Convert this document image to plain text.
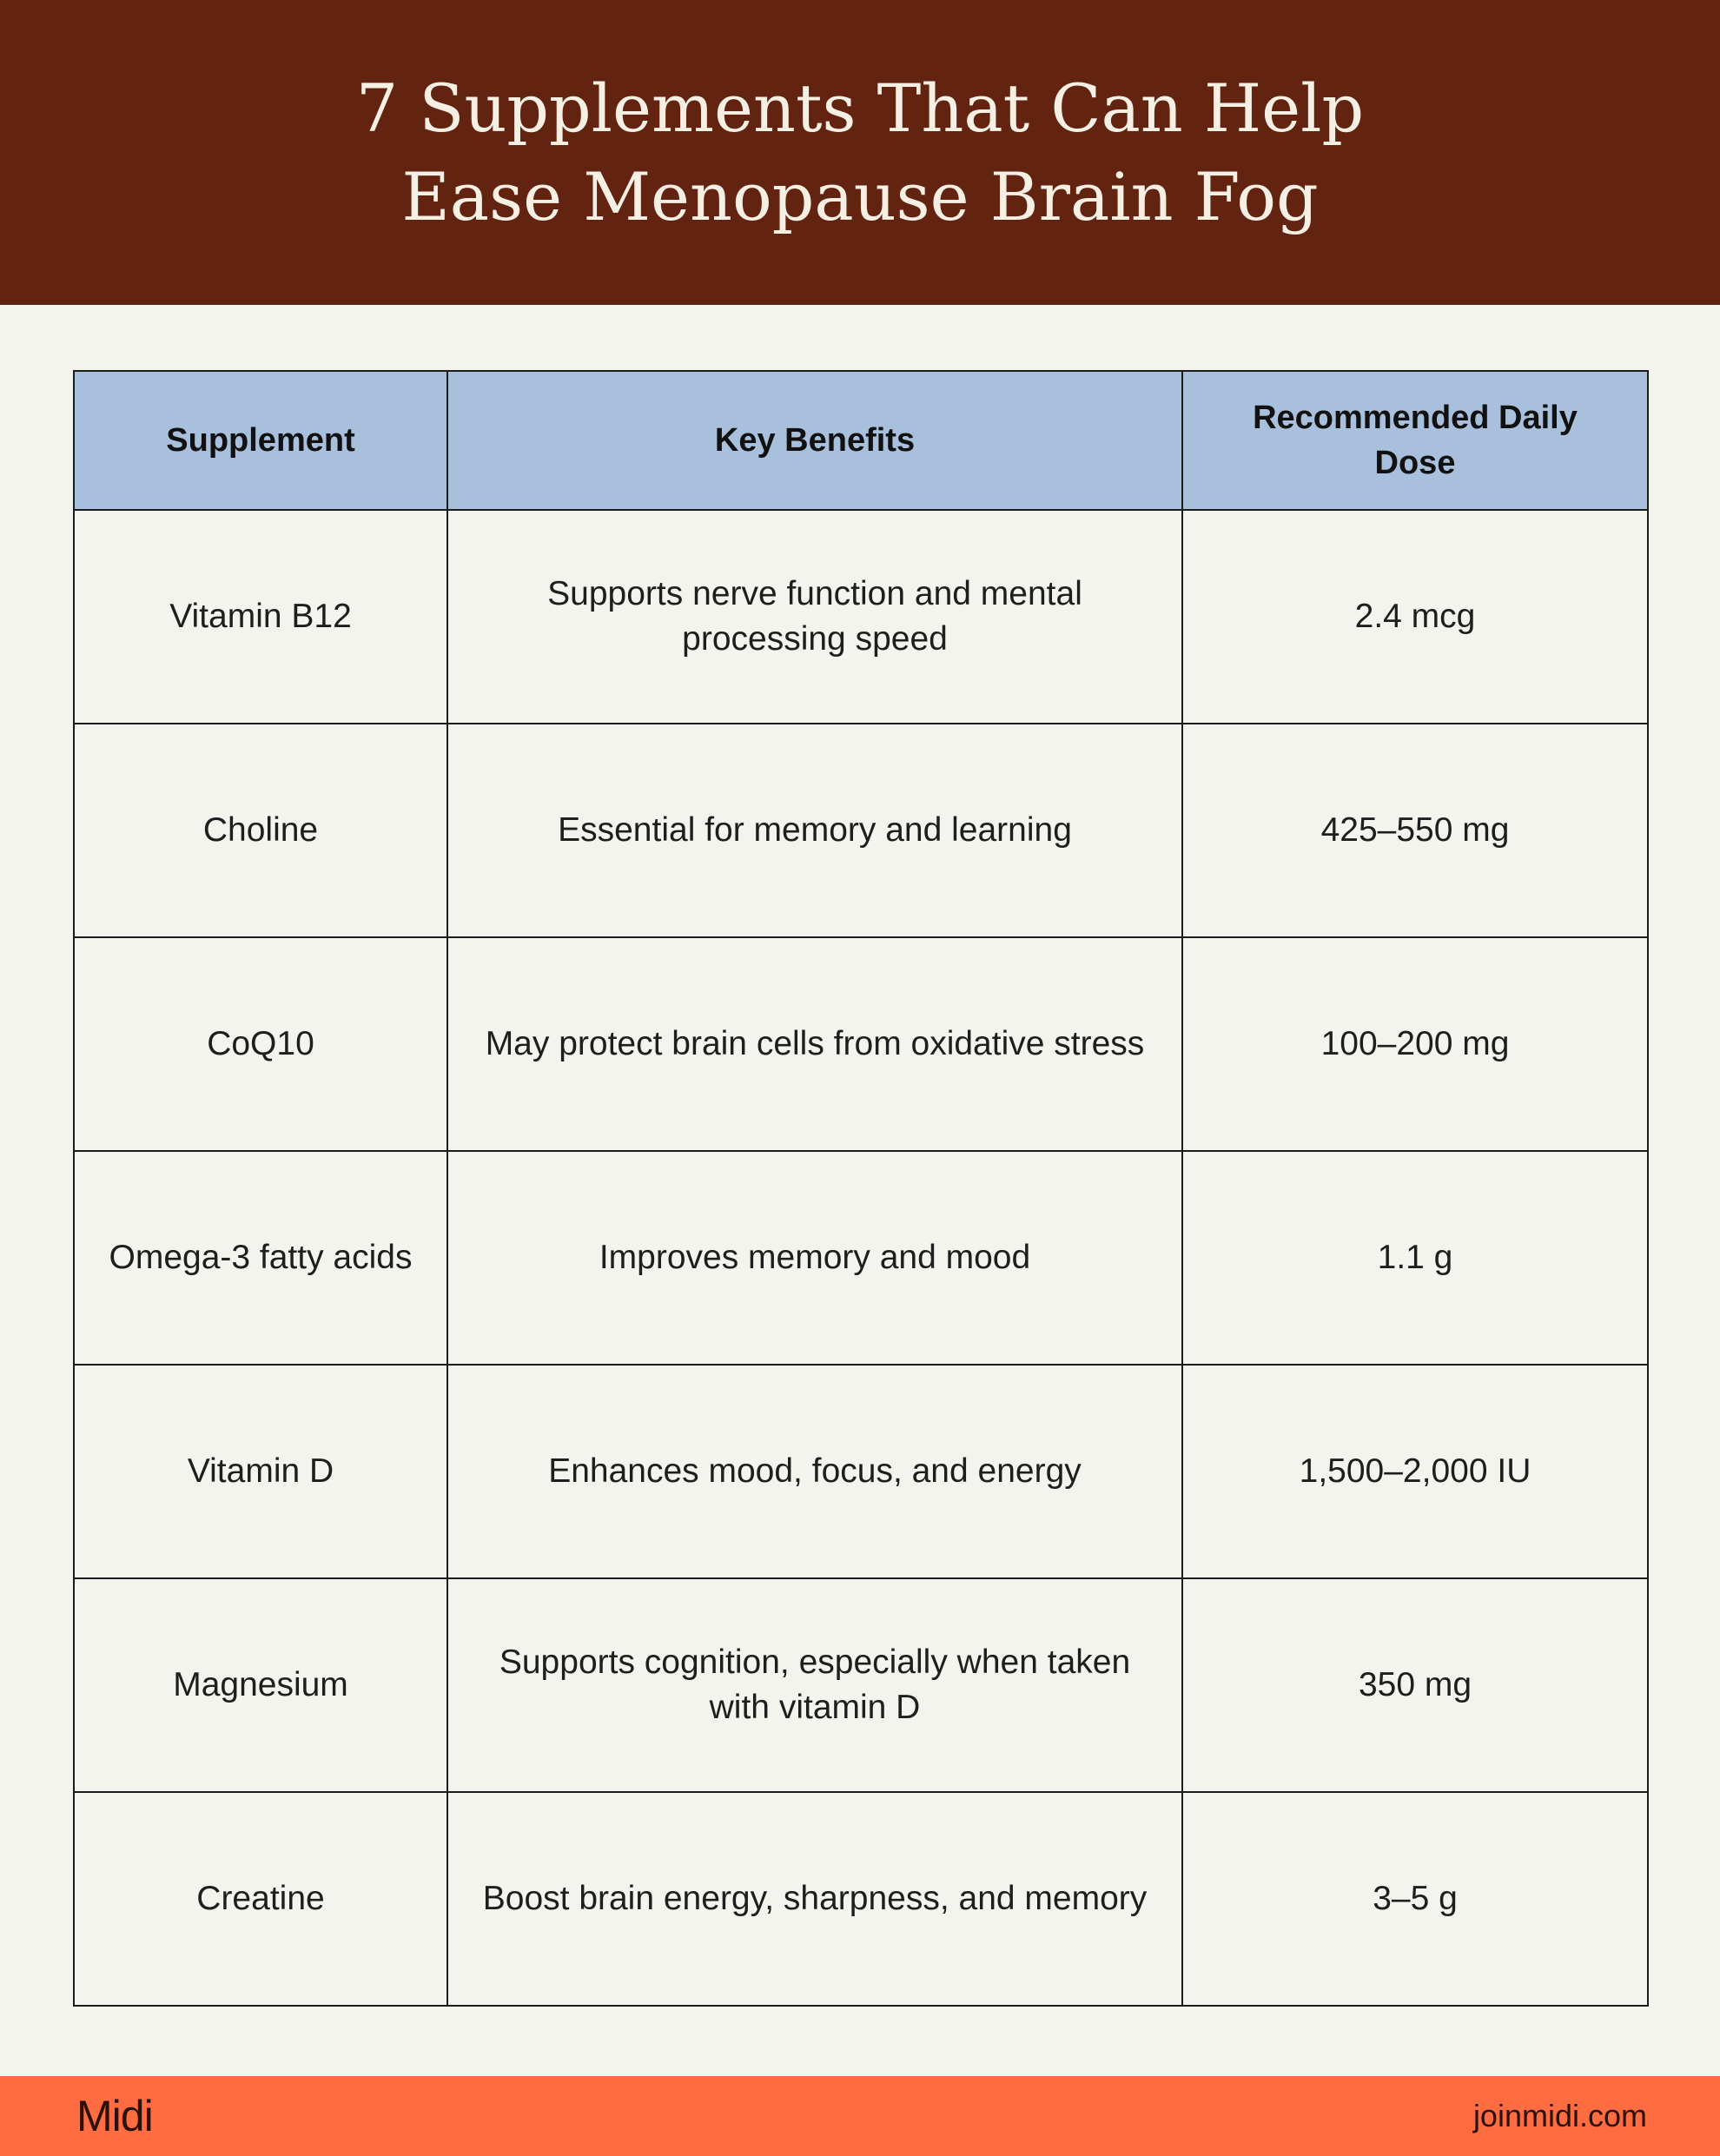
7 Supplements That Can Help Ease Menopause Brain Fog
Supplement	Key Benefits	Recommended Daily Dose
Vitamin B12	Supports nerve function and mental processing speed	2.4 mcg
Choline	Essential for memory and learning	425–550 mg
CoQ10	May protect brain cells from oxidative stress	100–200 mg
Omega-3 fatty acids	Improves memory and mood	1.1 g
Vitamin D	Enhances mood, focus, and energy	1,500–2,000 IU
Magnesium	Supports cognition, especially when taken with vitamin D	350 mg
Creatine	Boost brain energy, sharpness, and memory	3–5 g
Midi	joinmidi.com
